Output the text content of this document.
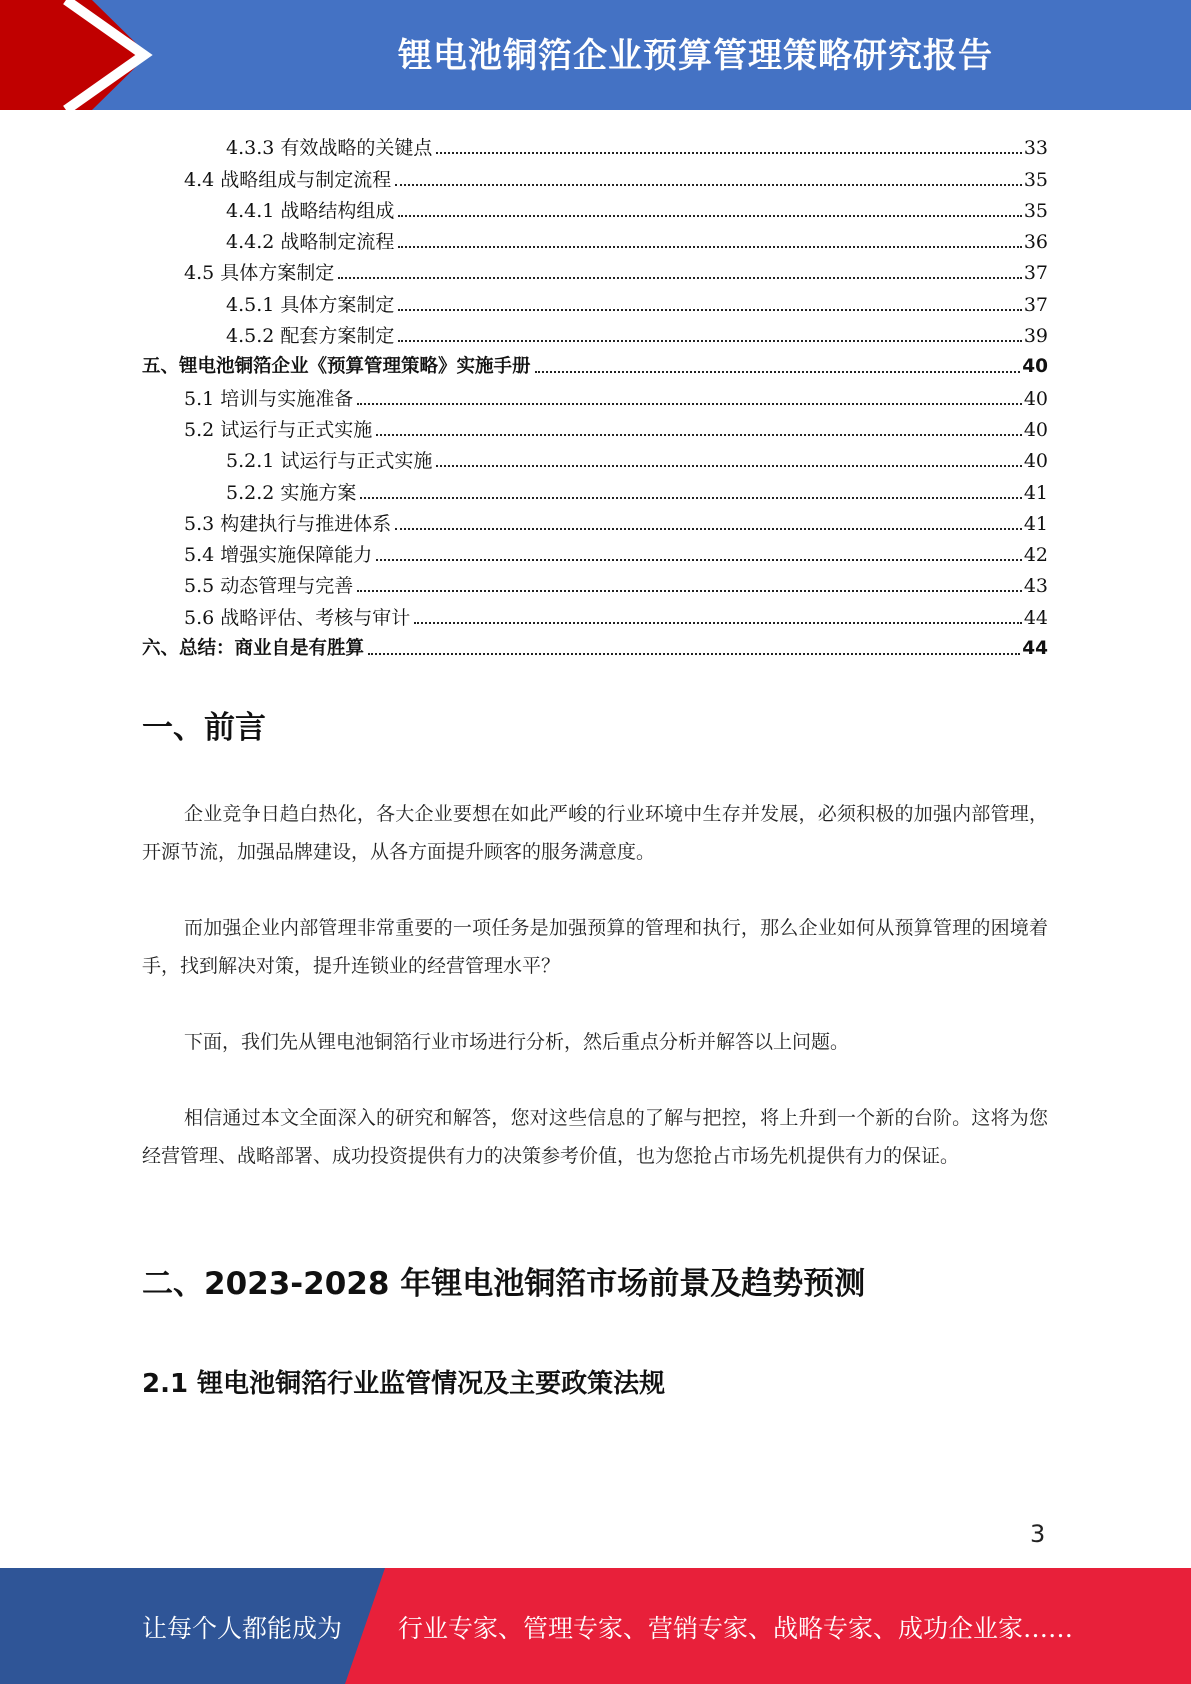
锂电池铜箔企业预算管理策略研究报告
4.3.3 有效战略的关键点	33
4.4 战略组成与制定流程	35
4.4.1 战略结构组成	35
4.4.2 战略制定流程	36
4.5 具体方案制定	37
4.5.1 具体方案制定	37
4.5.2 配套方案制定	39
五、锂电池铜箔企业《预算管理策略》实施手册	40
5.1 培训与实施准备	40
5.2 试运行与正式实施	40
5.2.1 试运行与正式实施	40
5.2.2 实施方案	41
5.3 构建执行与推进体系	41
5.4 增强实施保障能力	42
5.5 动态管理与完善	43
5.6 战略评估、考核与审计	44
六、总结：商业自是有胜算	44
一、前言
企业竞争日趋白热化，各大企业要想在如此严峻的行业环境中生存并发展，必须积极的加强内部管理，开源节流，加强品牌建设，从各方面提升顾客的服务满意度。
而加强企业内部管理非常重要的一项任务是加强预算的管理和执行，那么企业如何从预算管理的困境着手，找到解决对策，提升连锁业的经营管理水平？
下面，我们先从锂电池铜箔行业市场进行分析，然后重点分析并解答以上问题。
相信通过本文全面深入的研究和解答，您对这些信息的了解与把控，将上升到一个新的台阶。这将为您经营管理、战略部署、成功投资提供有力的决策参考价值，也为您抢占市场先机提供有力的保证。
二、2023-2028 年锂电池铜箔市场前景及趋势预测
2.1 锂电池铜箔行业监管情况及主要政策法规
3
让每个人都能成为 行业专家、管理专家、营销专家、战略专家、成功企业家……
